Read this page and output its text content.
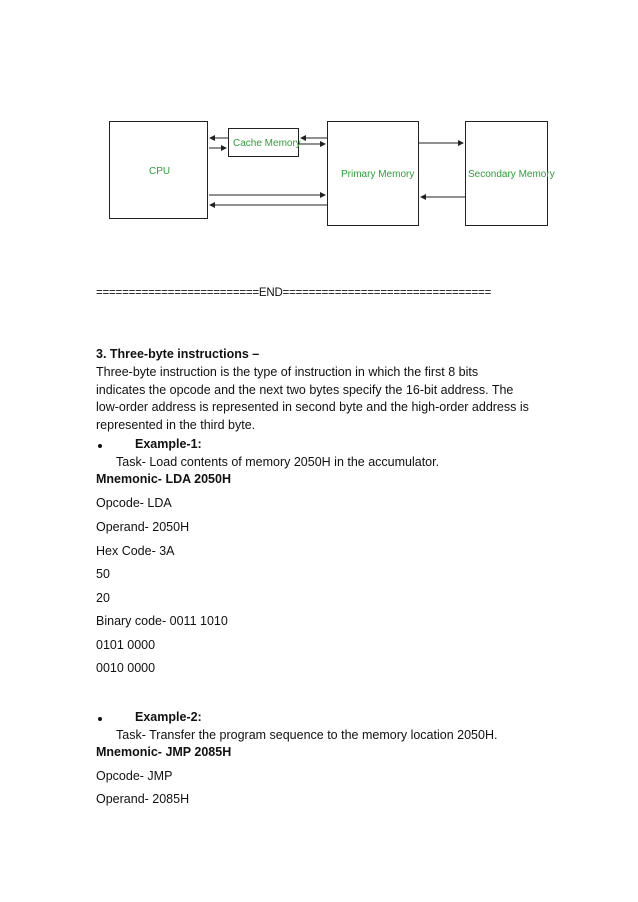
CPU
Cache Memory
Primary Memory	Secondary Memory
=========================END================================
3. Three-byte instructions –

Three-byte instruction is the type of instruction in which the first 8 bits

indicates the opcode and the next two bytes specify the 16-bit address. The

low-order address is represented in second byte and the high-order address is

represented in the third byte.

Example-1:
Task- Load contents of memory 2050H in the accumulator.
Mnemonic- LDA 2050H
Opcode- LDA
Operand- 2050H
Hex Code- 3A
50
20
Binary code- 0011 1010
0101 0000
0010 0000
Example-2:
Task- Transfer the program sequence to the memory location 2050H.
Mnemonic- JMP 2085H
Opcode- JMP
Operand- 2085H
